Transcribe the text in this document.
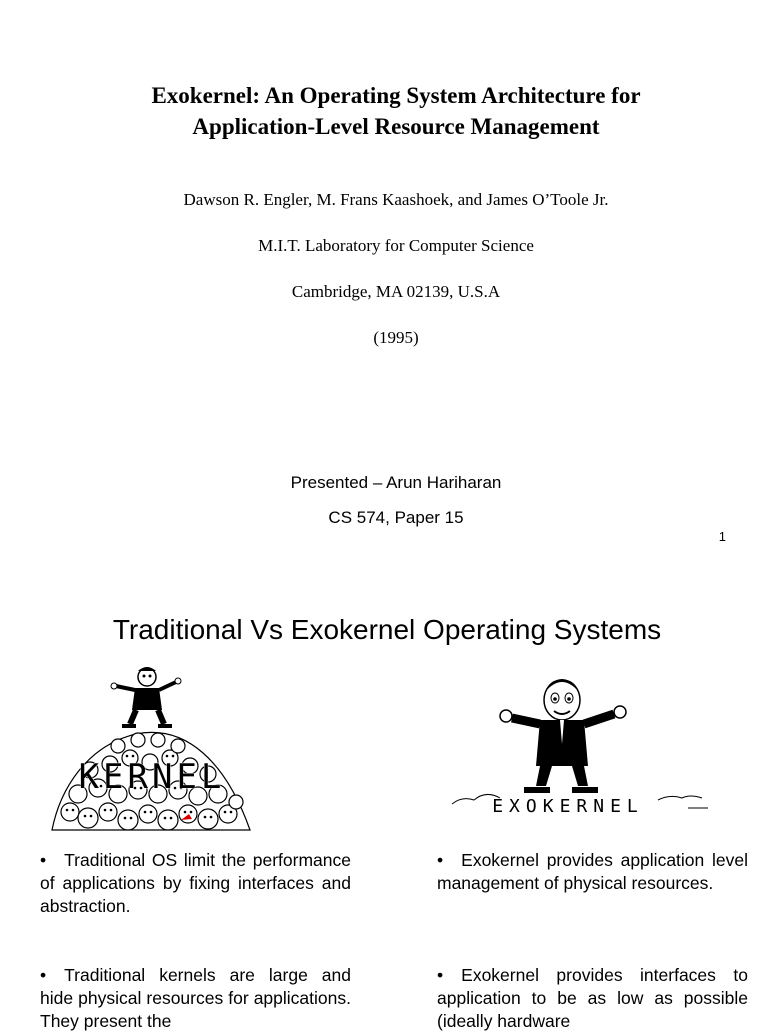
Exokernel: An Operating System Architecture for
Application-Level Resource Management
Dawson R. Engler, M. Frans Kaashoek, and James O’Toole Jr.
M.I.T. Laboratory for Computer Science
Cambridge, MA 02139, U.S.A
(1995)
Presented – Arun Hariharan
CS 574, Paper 15
1
Traditional Vs Exokernel Operating Systems
KERNEL
EXOKERNEL
• Traditional OS limit the performance of applications by fixing interfaces and abstraction.
• Exokernel provides application level management of physical resources.
• Traditional kernels are large and hide physical resources for applications. They present the
• Exokernel provides interfaces to application to be as low as possible (ideally hardware
